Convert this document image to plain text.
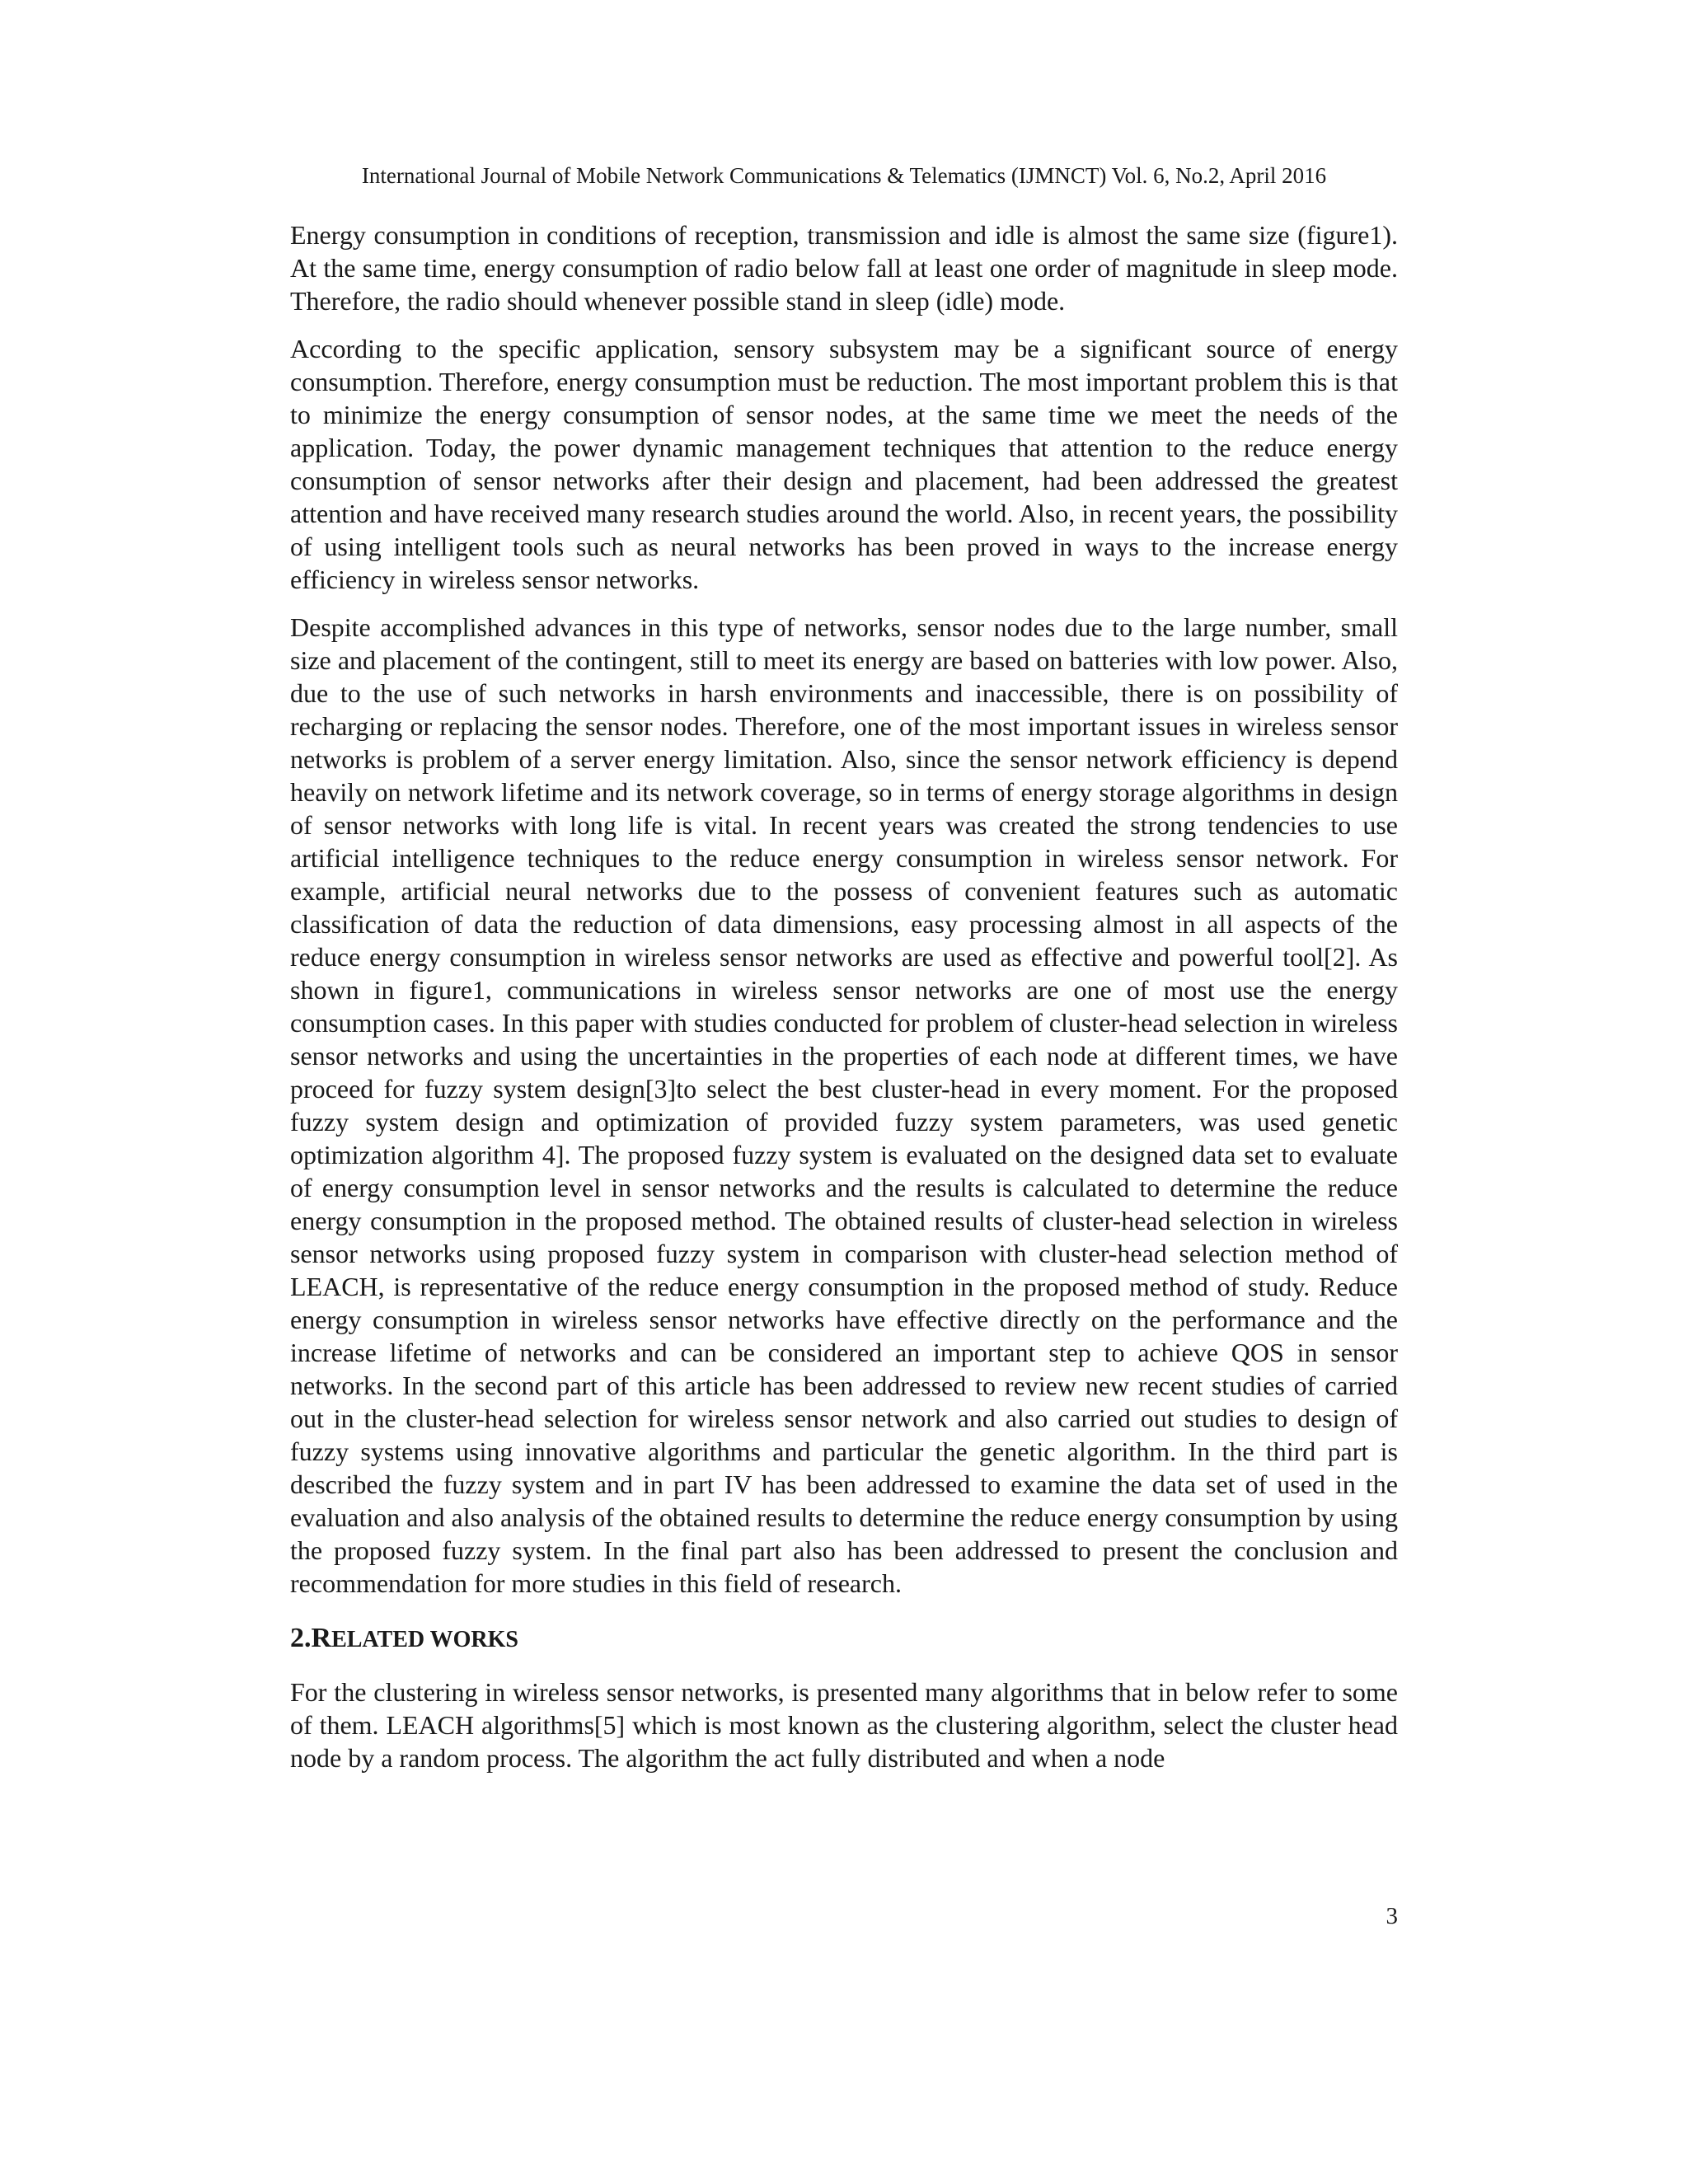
International Journal of Mobile Network Communications & Telematics (IJMNCT) Vol. 6, No.2, April 2016

Energy consumption in conditions of reception, transmission and idle is almost the same size (figure1). At the same time, energy consumption of radio below fall at least one order of magnitude in sleep mode. Therefore, the radio should whenever possible stand in sleep (idle) mode.

According to the specific application, sensory subsystem may be a significant source of energy consumption. Therefore, energy consumption must be reduction. The most important problem this is that to minimize the energy consumption of sensor nodes, at the same time we meet the needs of the application. Today, the power dynamic management techniques that attention to the reduce energy consumption of sensor networks after their design and placement, had been addressed the greatest attention and have received many research studies around the world. Also, in recent years, the possibility of using intelligent tools such as neural networks has been proved in ways to the increase energy efficiency in wireless sensor networks.

Despite accomplished advances in this type of networks, sensor nodes due to the large number, small size and placement of the contingent, still to meet its energy are based on batteries with low power. Also, due to the use of such networks in harsh environments and inaccessible, there is on possibility of recharging or replacing the sensor nodes. Therefore, one of the most important issues in wireless sensor networks is problem of a server energy limitation. Also, since the sensor network efficiency is depend heavily on network lifetime and its network coverage, so in terms of energy storage algorithms in design of sensor networks with long life is vital. In recent years was created the strong tendencies to use artificial intelligence techniques to the reduce energy consumption in wireless sensor network. For example, artificial neural networks due to the possess of convenient features such as automatic classification of data the reduction of data dimensions, easy processing almost in all aspects of the reduce energy consumption in wireless sensor networks are used as effective and powerful tool[2]. As shown in figure1, communications in wireless sensor networks are one of most use the energy consumption cases. In this paper with studies conducted for problem of cluster-head selection in wireless sensor networks and using the uncertainties in the properties of each node at different times, we have proceed for fuzzy system design[3]to select the best cluster-head in every moment. For the proposed fuzzy system design and optimization of provided fuzzy system parameters, was used genetic optimization algorithm 4]. The proposed fuzzy system is evaluated on the designed data set to evaluate of energy consumption level in sensor networks and the results is calculated to determine the reduce energy consumption in the proposed method. The obtained results of cluster-head selection in wireless sensor networks using proposed fuzzy system in comparison with cluster-head selection method of LEACH, is representative of the reduce energy consumption in the proposed method of study. Reduce energy consumption in wireless sensor networks have effective directly on the performance and the increase lifetime of networks and can be considered an important step to achieve QOS in sensor networks. In the second part of this article has been addressed to review new recent studies of carried out in the cluster-head selection for wireless sensor network and also carried out studies to design of fuzzy systems using innovative algorithms and particular the genetic algorithm. In the third part is described the fuzzy system and in part IV has been addressed to examine the data set of used in the evaluation and also analysis of the obtained results to determine the reduce energy consumption by using the proposed fuzzy system. In the final part also has been addressed to present the conclusion and recommendation for more studies in this field of research.

2.RELATED WORKS

For the clustering in wireless sensor networks, is presented many algorithms that in below refer to some of them. LEACH algorithms[5] which is most known as the clustering algorithm, select the cluster head node by a random process. The algorithm the act fully distributed and when a node

3
